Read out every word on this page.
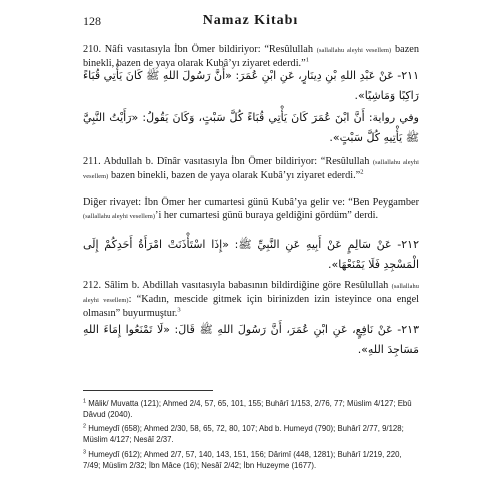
128	Namaz Kitabı

210. Nâfi vasıtasıyla İbn Ömer bildiriyor: “Resûlullah (sallallahu aleyhi vesellem) bazen binekli, bazen de yaya olarak Kubâ’yı ziyaret ederdi.”$^1$

٢١١- عَنْ عَبْدِ اللهِ بْنِ دِينَارٍ، عَنِ ابْنِ عُمَرَ: «أَنَّ رَسُولَ اللهِ ﷺ كَانَ يَأْتِي قُبَاءً رَاكِبًا وَمَاشِيًا».

وفي رواية: أَنَّ ابْنَ عُمَرَ كَانَ يَأْتِي قُبَاءً كُلَّ سَبْتٍ، وَكَانَ يَقُولُ: «رَأَيْتُ النَّبِيَّ ﷺ يَأْتِيهِ كُلَّ سَبْتٍ».

211. Abdullah b. Dînâr vasıtasıyla İbn Ömer bildiriyor: “Resûlullah (sallallahu aleyhi vesellem) bazen binekli, bazen de yaya olarak Kubâ’yı ziyaret ederdi.”$^2$

Diğer rivayet: İbn Ömer her cumartesi günü Kubâ’ya gelir ve: “Ben Peygamber (sallallahu aleyhi vesellem)’i her cumartesi günü buraya geldiğini gördüm” derdi.

٢١٢- عَنْ سَالِمٍ عَنْ أَبِيهِ عَنِ النَّبِيِّ ﷺ: «إِذَا اسْتَأْذَنَتْ امْرَأَةُ أَحَدِكُمْ إِلَى الْمَسْجِدِ فَلَا يَمْنَعْهَا».

212. Sâlim b. Abdillah vasıtasıyla babasının bildirdiğine göre Resûlullah (sallallahu aleyhi vesellem): “Kadın, mescide gitmek için birinizden izin isteyince ona engel olmasın” buyurmuştur.$^3$

٢١٣- عَنْ نَافِعٍ، عَنِ ابْنِ عُمَرَ، أَنَّ رَسُولَ اللهِ ﷺ قَالَ: «لَا تَمْنَعُوا إِمَاءَ اللهِ مَسَاجِدَ اللهِ».

$^1$ Mâlik/ Muvatta (121); Ahmed 2/4, 57, 65, 101, 155; Buhârî 1/153, 2/76, 77; Müslim 4/127; Ebû Dâvud (2040).

$^2$ Humeydî (658); Ahmed 2/30, 58, 65, 72, 80, 107; Abd b. Humeyd (790); Buhârî 2/77, 9/128; Müslim 4/127; Nesâî 2/37.

$^3$ Humeydî (612); Ahmed 2/7, 57, 140, 143, 151, 156; Dârimî (448, 1281); Buhârî 1/219, 220, 7/49; Müslim 2/32; İbn Mâce (16); Nesâî 2/42; İbn Huzeyme (1677).
